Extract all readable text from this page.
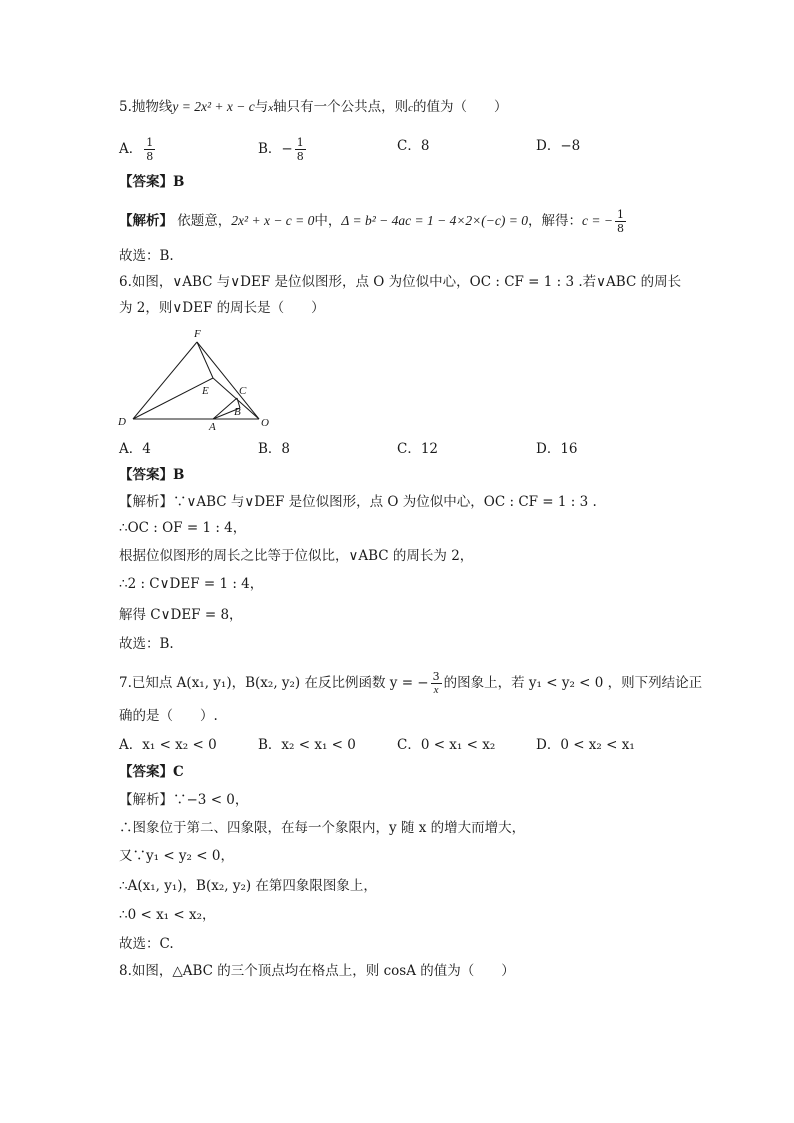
5.抛物线y = 2x² + x − c与x轴只有一个公共点，则c的值为（　　）
A． $\frac{1}{8}$	B．− $\frac{1}{8}$	C．8	D．−8
【答案】B
【解析】 依题意，2x² + x − c = 0中，Δ = b² − 4ac = 1 − 4×2×(−c) = 0，解得：c = − $\frac{1}{8}$
故选：B.
6.如图，∨ABC 与∨DEF 是位似图形，点 O 为位似中心，OC : CF = 1 : 3 .若∨ABC 的周长
为 2，则∨DEF 的周长是（　　）
F
E	C
B
D	A	O
A．4	B．8	C．12	D．16
【答案】B
【解析】∵∨ABC 与∨DEF 是位似图形，点 O 为位似中心，OC : CF = 1 : 3 .
∴OC : OF = 1 : 4，
根据位似图形的周长之比等于位似比，∨ABC 的周长为 2，
∴2 : C∨DEF = 1 : 4，
解得 C∨DEF = 8，
故选：B.
7.已知点 A(x₁, y₁)，B(x₂, y₂) 在反比例函数 y = − $\frac{3}{x}$ 的图象上，若 y₁ < y₂ < 0 ，则下列结论正
确的是（　　）.
A．x₁ < x₂ < 0	B．x₂ < x₁ < 0	C．0 < x₁ < x₂	D．0 < x₂ < x₁
【答案】C
【解析】∵−3 < 0，
∴图象位于第二、四象限，在每一个象限内，y 随 x 的增大而增大，
又∵y₁ < y₂ < 0，
∴A(x₁, y₁)，B(x₂, y₂) 在第四象限图象上，
∴0 < x₁ < x₂，
故选：C.
8.如图，△ABC 的三个顶点均在格点上，则 cosA 的值为（　　）
